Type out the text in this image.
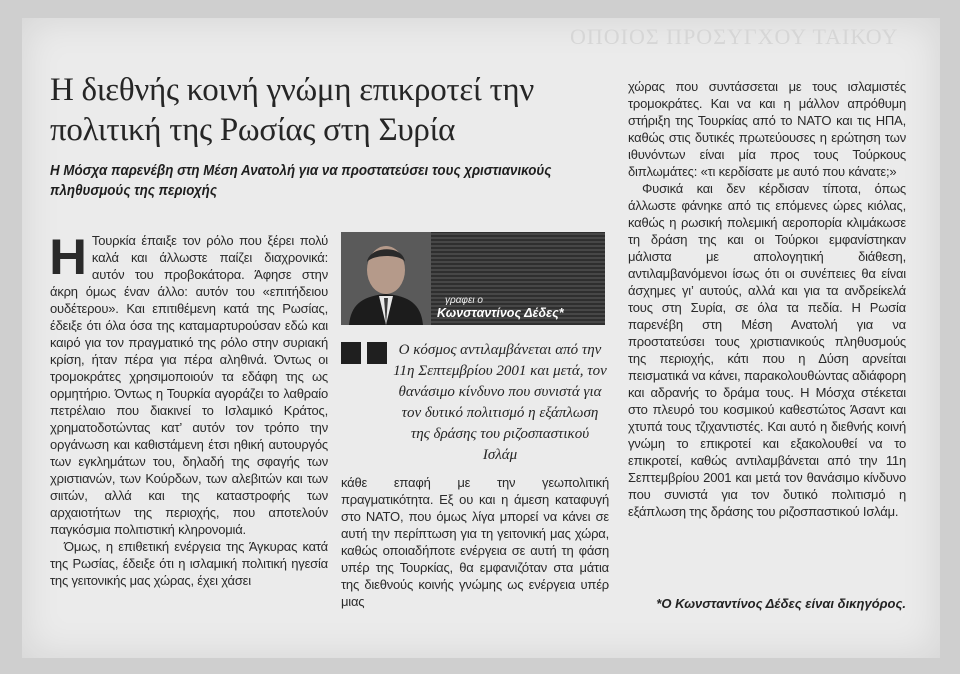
ΟΠΟΙΟΣ ΠΡΟΣΥΓΧΟΥ ΤΑΙΚΟΥ
Η διεθνής κοινή γνώμη επικροτεί την
πολιτική της Ρωσίας στη Συρία
Η Μόσχα παρενέβη στη Μέση Ανατολή για να προστατεύσει τους χριστιανικούς
πληθυσμούς της περιοχής

Η Τουρκία έπαιξε τον ρόλο που ξέρει πολύ καλά και άλλωστε παίζει διαχρονικά: αυτόν του προβοκάτορα. Άφησε στην άκρη όμως έναν άλλο: αυτόν του «επιτήδειου ουδέτερου». Και επιτιθέμενη κατά της Ρωσίας, έδειξε ότι όλα όσα της καταμαρτυρούσαν εδώ και καιρό για τον πραγματικό της ρόλο στην συριακή κρίση, ήταν πέρα για πέρα αληθινά. Όντως οι τρομοκράτες χρησιμοποιούν τα εδάφη της ως ορμητήριο. Όντως η Τουρκία αγοράζει το λαθραίο πετρέλαιο που διακινεί το Ισλαμικό Κράτος, χρηματοδοτώντας κατ’ αυτόν τον τρόπο την οργάνωση και καθιστάμενη έτσι ηθική αυτουργός των εγκλημάτων του, δηλαδή της σφαγής των χριστιανών, των Κούρδων, των αλεβιτών και των σιιτών, αλλά και της καταστροφής των αρχαιοτήτων της περιοχής, που αποτελούν παγκόσμια πολιτιστική κληρονομιά.

Όμως, η επιθετική ενέργεια της Άγκυρας κατά της Ρωσίας, έδειξε ότι η ισλαμική πολιτική ηγεσία της γειτονικής μας χώρας, έχει χάσει

γραφει ο
Κωνσταντίνος Δέδες*

Ο κόσμος αντιλαμβάνεται από την 11η Σεπτεμβρίου 2001 και μετά, τον θανάσιμο κίνδυνο που συνιστά για τον δυτικό πολιτισμό η εξάπλωση της δράσης του ριζοσπαστικού Ισλάμ

κάθε επαφή με την γεωπολιτική πραγματικότητα. Εξ ου και η άμεση καταφυγή στο ΝΑΤΟ, που όμως λίγα μπορεί να κάνει σε αυτή την περίπτωση για τη γειτονική μας χώρα, καθώς οποιαδήποτε ενέργεια σε αυτή τη φάση υπέρ της Τουρκίας, θα εμφανιζόταν στα μάτια της διεθνούς κοινής γνώμης ως ενέργεια υπέρ μιας

χώρας που συντάσσεται με τους ισλαμιστές τρομοκράτες. Και να και η μάλλον απρόθυμη στήριξη της Τουρκίας από το ΝΑΤΟ και τις ΗΠΑ, καθώς στις δυτικές πρωτεύουσες η ερώτηση των ιθυνόντων είναι μία προς τους Τούρκους διπλωμάτες: «τι κερδίσατε με αυτό που κάνατε;»

Φυσικά και δεν κέρδισαν τίποτα, όπως άλλωστε φάνηκε από τις επόμενες ώρες κιόλας, καθώς η ρωσική πολεμική αεροπορία κλιμάκωσε τη δράση της και οι Τούρκοι εμφανίστηκαν μάλιστα με απολογητική διάθεση, αντιλαμβανόμενοι ίσως ότι οι συνέπειες θα είναι άσχημες γι’ αυτούς, αλλά και για τα ανδρείκελά τους στη Συρία, σε όλα τα πεδία. Η Ρωσία παρενέβη στη Μέση Ανατολή για να προστατεύσει τους χριστιανικούς πληθυσμούς της περιοχής, κάτι που η Δύση αρνείται πεισματικά να κάνει, παρακολουθώντας αδιάφορη και αδρανής το δράμα τους. Η Μόσχα στέκεται στο πλευρό του κοσμικού καθεστώτος Άσαντ και χτυπά τους τζιχαντιστές. Και αυτό η διεθνής κοινή γνώμη το επικροτεί και εξακολουθεί να το επικροτεί, καθώς αντιλαμβάνεται από την 11η Σεπτεμβρίου 2001 και μετά τον θανάσιμο κίνδυνο που συνιστά για τον δυτικό πολιτισμό η εξάπλωση της δράσης του ριζοσπαστικού Ισλάμ.

*Ο Κωνσταντίνος Δέδες είναι δικηγόρος.
